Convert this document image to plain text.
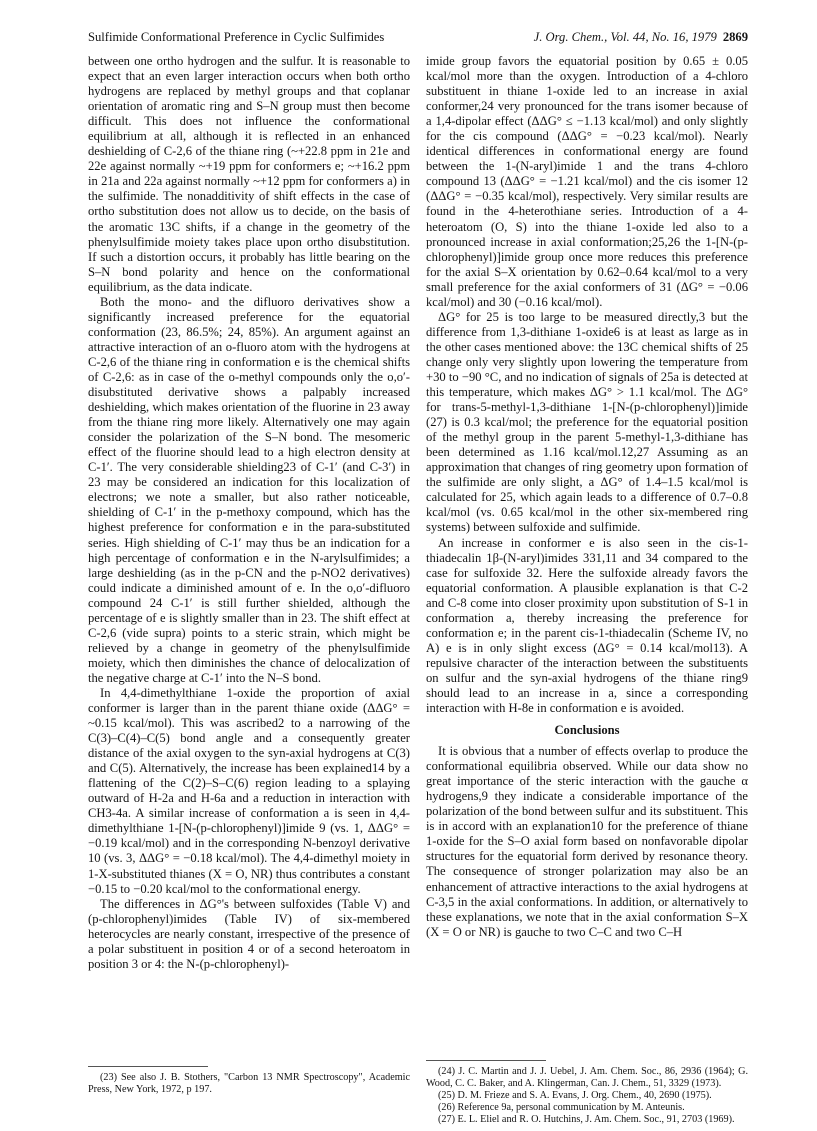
Sulfimide Conformational Preference in Cyclic Sulfimides	J. Org. Chem., Vol. 44, No. 16, 1979 2869

between one ortho hydrogen and the sulfur. It is reasonable to expect that an even larger interaction occurs when both ortho hydrogens are replaced by methyl groups and that coplanar orientation of aromatic ring and S–N group must then become difficult. This does not influence the conformational equilibrium at all, although it is reflected in an enhanced deshielding of C-2,6 of the thiane ring (~+22.8 ppm in 21e and 22e against normally ~+19 ppm for conformers e; ~+16.2 ppm in 21a and 22a against normally ~+12 ppm for conformers a) in the sulfimide. The nonadditivity of shift effects in the case of ortho substitution does not allow us to decide, on the basis of the aromatic 13C shifts, if a change in the geometry of the phenylsulfimide moiety takes place upon ortho disubstitution. If such a distortion occurs, it probably has little bearing on the S–N bond polarity and hence on the conformational equilibrium, as the data indicate.

Both the mono- and the difluoro derivatives show a significantly increased preference for the equatorial conformation (23, 86.5%; 24, 85%). An argument against an attractive interaction of an o-fluoro atom with the hydrogens at C-2,6 of the thiane ring in conformation e is the chemical shifts of C-2,6: as in case of the o-methyl compounds only the o,o′-disubstituted derivative shows a palpably increased deshielding, which makes orientation of the fluorine in 23 away from the thiane ring more likely. Alternatively one may again consider the polarization of the S–N bond. The mesomeric effect of the fluorine should lead to a high electron density at C-1′. The very considerable shielding23 of C-1′ (and C-3′) in 23 may be considered an indication for this localization of electrons; we note a smaller, but also rather noticeable, shielding of C-1′ in the p-methoxy compound, which has the highest preference for conformation e in the para-substituted series. High shielding of C-1′ may thus be an indication for a high percentage of conformation e in the N-arylsulfimides; a large deshielding (as in the p-CN and the p-NO2 derivatives) could indicate a diminished amount of e. In the o,o′-difluoro compound 24 C-1′ is still further shielded, although the percentage of e is slightly smaller than in 23. The shift effect at C-2,6 (vide supra) points to a steric strain, which might be relieved by a change in geometry of the phenylsulfimide moiety, which then diminishes the chance of delocalization of the negative charge at C-1′ into the N–S bond.

In 4,4-dimethylthiane 1-oxide the proportion of axial conformer is larger than in the parent thiane oxide (ΔΔG° = ~0.15 kcal/mol). This was ascribed2 to a narrowing of the C(3)–C(4)–C(5) bond angle and a consequently greater distance of the axial oxygen to the syn-axial hydrogens at C(3) and C(5). Alternatively, the increase has been explained14 by a flattening of the C(2)–S–C(6) region leading to a splaying outward of H-2a and H-6a and a reduction in interaction with CH3-4a. A similar increase of conformation a is seen in 4,4-dimethylthiane 1-[N-(p-chlorophenyl)]imide 9 (vs. 1, ΔΔG° = −0.19 kcal/mol) and in the corresponding N-benzoyl derivative 10 (vs. 3, ΔΔG° = −0.18 kcal/mol). The 4,4-dimethyl moiety in 1-X-substituted thianes (X = O, NR) thus contributes a constant −0.15 to −0.20 kcal/mol to the conformational energy.

The differences in ΔG°'s between sulfoxides (Table V) and (p-chlorophenyl)imides (Table IV) of six-membered heterocycles are nearly constant, irrespective of the presence of a polar substituent in position 4 or of a second heteroatom in position 3 or 4: the N-(p-chlorophenyl)-

imide group favors the equatorial position by 0.65 ± 0.05 kcal/mol more than the oxygen. Introduction of a 4-chloro substituent in thiane 1-oxide led to an increase in axial conformer,24 very pronounced for the trans isomer because of a 1,4-dipolar effect (ΔΔG° ≤ −1.13 kcal/mol) and only slightly for the cis compound (ΔΔG° = −0.23 kcal/mol). Nearly identical differences in conformational energy are found between the 1-(N-aryl)imide 1 and the trans 4-chloro compound 13 (ΔΔG° = −1.21 kcal/mol) and the cis isomer 12 (ΔΔG° = −0.35 kcal/mol), respectively. Very similar results are found in the 4-heterothiane series. Introduction of a 4-heteroatom (O, S) into the thiane 1-oxide led also to a pronounced increase in axial conformation;25,26 the 1-[N-(p-chlorophenyl)]imide group once more reduces this preference for the axial S–X orientation by 0.62–0.64 kcal/mol to a very small preference for the axial conformers of 31 (ΔG° = −0.06 kcal/mol) and 30 (−0.16 kcal/mol).

ΔG° for 25 is too large to be measured directly,3 but the difference from 1,3-dithiane 1-oxide6 is at least as large as in the other cases mentioned above: the 13C chemical shifts of 25 change only very slightly upon lowering the temperature from +30 to −90 °C, and no indication of signals of 25a is detected at this temperature, which makes ΔG° > 1.1 kcal/mol. The ΔG° for trans-5-methyl-1,3-dithiane 1-[N-(p-chlorophenyl)]imide (27) is 0.3 kcal/mol; the preference for the equatorial position of the methyl group in the parent 5-methyl-1,3-dithiane has been determined as 1.16 kcal/mol.12,27 Assuming as an approximation that changes of ring geometry upon formation of the sulfimide are only slight, a ΔG° of 1.4–1.5 kcal/mol is calculated for 25, which again leads to a difference of 0.7–0.8 kcal/mol (vs. 0.65 kcal/mol in the other six-membered ring systems) between sulfoxide and sulfimide.

An increase in conformer e is also seen in the cis-1-thiadecalin 1β-(N-aryl)imides 331,11 and 34 compared to the case for sulfoxide 32. Here the sulfoxide already favors the equatorial conformation. A plausible explanation is that C-2 and C-8 come into closer proximity upon substitution of S-1 in conformation a, thereby increasing the preference for conformation e; in the parent cis-1-thiadecalin (Scheme IV, no A) e is in only slight excess (ΔG° = 0.14 kcal/mol13). A repulsive character of the interaction between the substituents on sulfur and the syn-axial hydrogens of the thiane ring9 should lead to an increase in a, since a corresponding interaction with H-8e in conformation e is avoided.

Conclusions

It is obvious that a number of effects overlap to produce the conformational equilibria observed. While our data show no great importance of the steric interaction with the gauche α hydrogens,9 they indicate a considerable importance of the polarization of the bond between sulfur and its substituent. This is in accord with an explanation10 for the preference of thiane 1-oxide for the S–O axial form based on nonfavorable dipolar structures for the equatorial form derived by resonance theory. The consequence of stronger polarization may also be an enhancement of attractive interactions to the axial hydrogens at C-3,5 in the axial conformations. In addition, or alternatively to these explanations, we note that in the axial conformation S–X (X = O or NR) is gauche to two C–C and two C–H

(23) See also J. B. Stothers, "Carbon 13 NMR Spectroscopy", Academic Press, New York, 1972, p 197.

(24) J. C. Martin and J. J. Uebel, J. Am. Chem. Soc., 86, 2936 (1964); G. Wood, C. C. Baker, and A. Klingerman, Can. J. Chem., 51, 3329 (1973).

(25) D. M. Frieze and S. A. Evans, J. Org. Chem., 40, 2690 (1975).

(26) Reference 9a, personal communication by M. Anteunis.

(27) E. L. Eliel and R. O. Hutchins, J. Am. Chem. Soc., 91, 2703 (1969).
